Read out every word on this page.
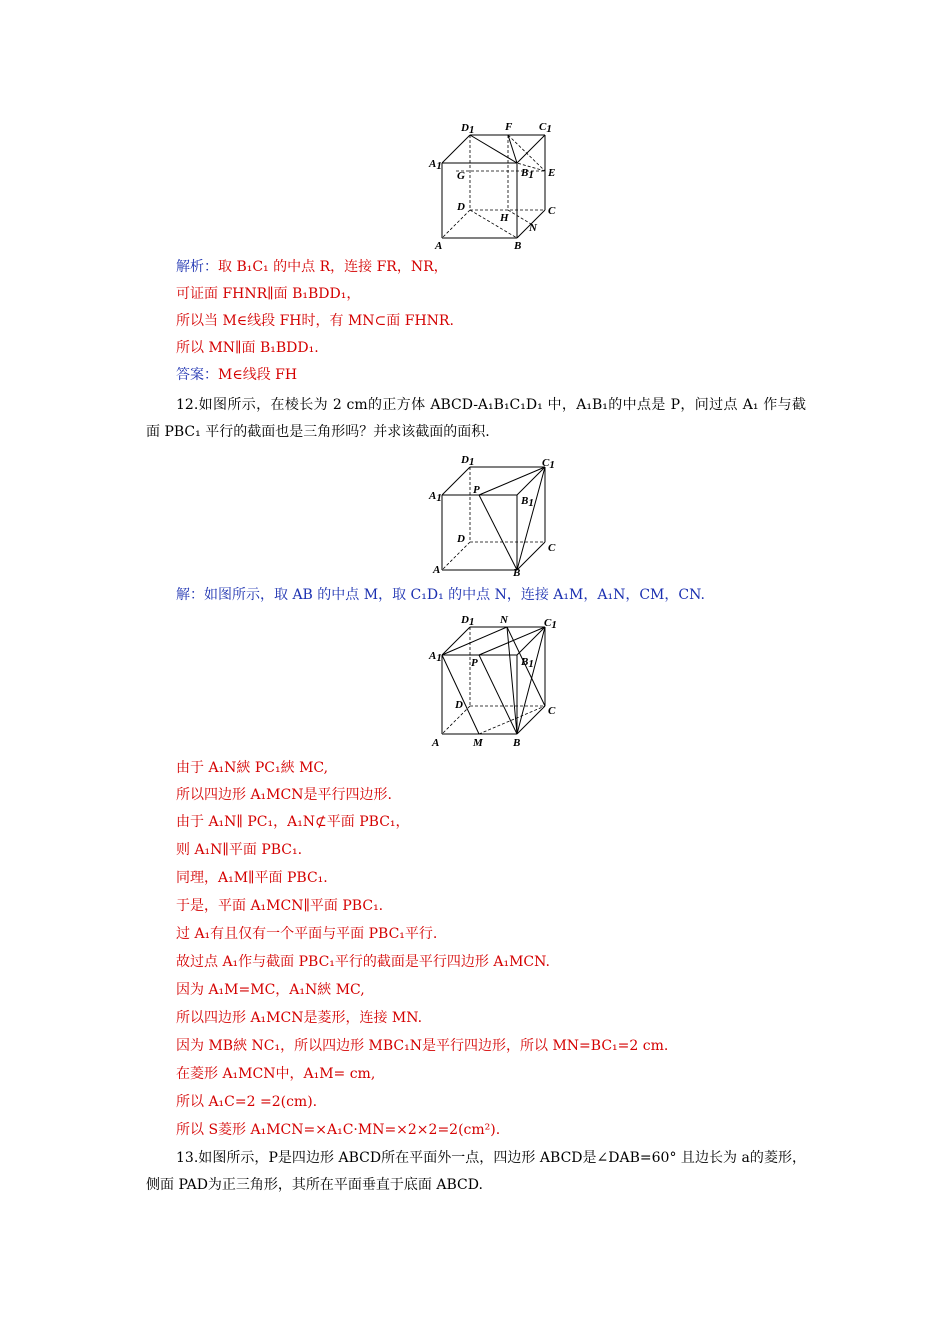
D1	F C1
A1
G	B1 E
D
H
C
N
A	B
解析：取 B₁C₁ 的中点 R，连接 FR，NR，
可证面 FHNR∥面 B₁BDD₁，
所以当 M∈线段 FH时，有 MN⊂面 FHNR.
所以 MN∥面 B₁BDD₁.
答案：M∈线段 FH
12.如图所示，在棱长为 2 cm的正方体 ABCD-A₁B₁C₁D₁ 中，A₁B₁的中点是 P，问过点 A₁ 作与截面 PBC₁ 平行的截面也是三角形吗？并求该截面的面积.
D1	C1
A1
P
B1
D
C
A	B
解：如图所示，取 AB 的中点 M，取 C₁D₁ 的中点 N，连接 A₁M，A₁N，CM，CN.
D1 N	C1
A1	P	B1
D	C
A	M	B
由于 A₁N綊 PC₁綊 MC,
所以四边形 A₁MCN是平行四边形.
由于 A₁N∥ PC₁，A₁N⊄平面 PBC₁，
则 A₁N∥平面 PBC₁.
同理，A₁M∥平面 PBC₁.
于是，平面 A₁MCN∥平面 PBC₁.
过 A₁有且仅有一个平面与平面 PBC₁平行.
故过点 A₁作与截面 PBC₁平行的截面是平行四边形 A₁MCN.
因为 A₁M=MC，A₁N綊 MC,
所以四边形 A₁MCN是菱形，连接 MN.
因为 MB綊 NC₁，所以四边形 MBC₁N是平行四边形，所以 MN=BC₁=2 cm.
在菱形 A₁MCN中，A₁M= cm,
所以 A₁C=2 =2(cm).
所以 S菱形 A₁MCN=×A₁C·MN=×2×2=2(cm²).
13.如图所示，P是四边形 ABCD所在平面外一点，四边形 ABCD是∠DAB=60° 且边长为 a的菱形，侧面 PAD为正三角形，其所在平面垂直于底面 ABCD.
